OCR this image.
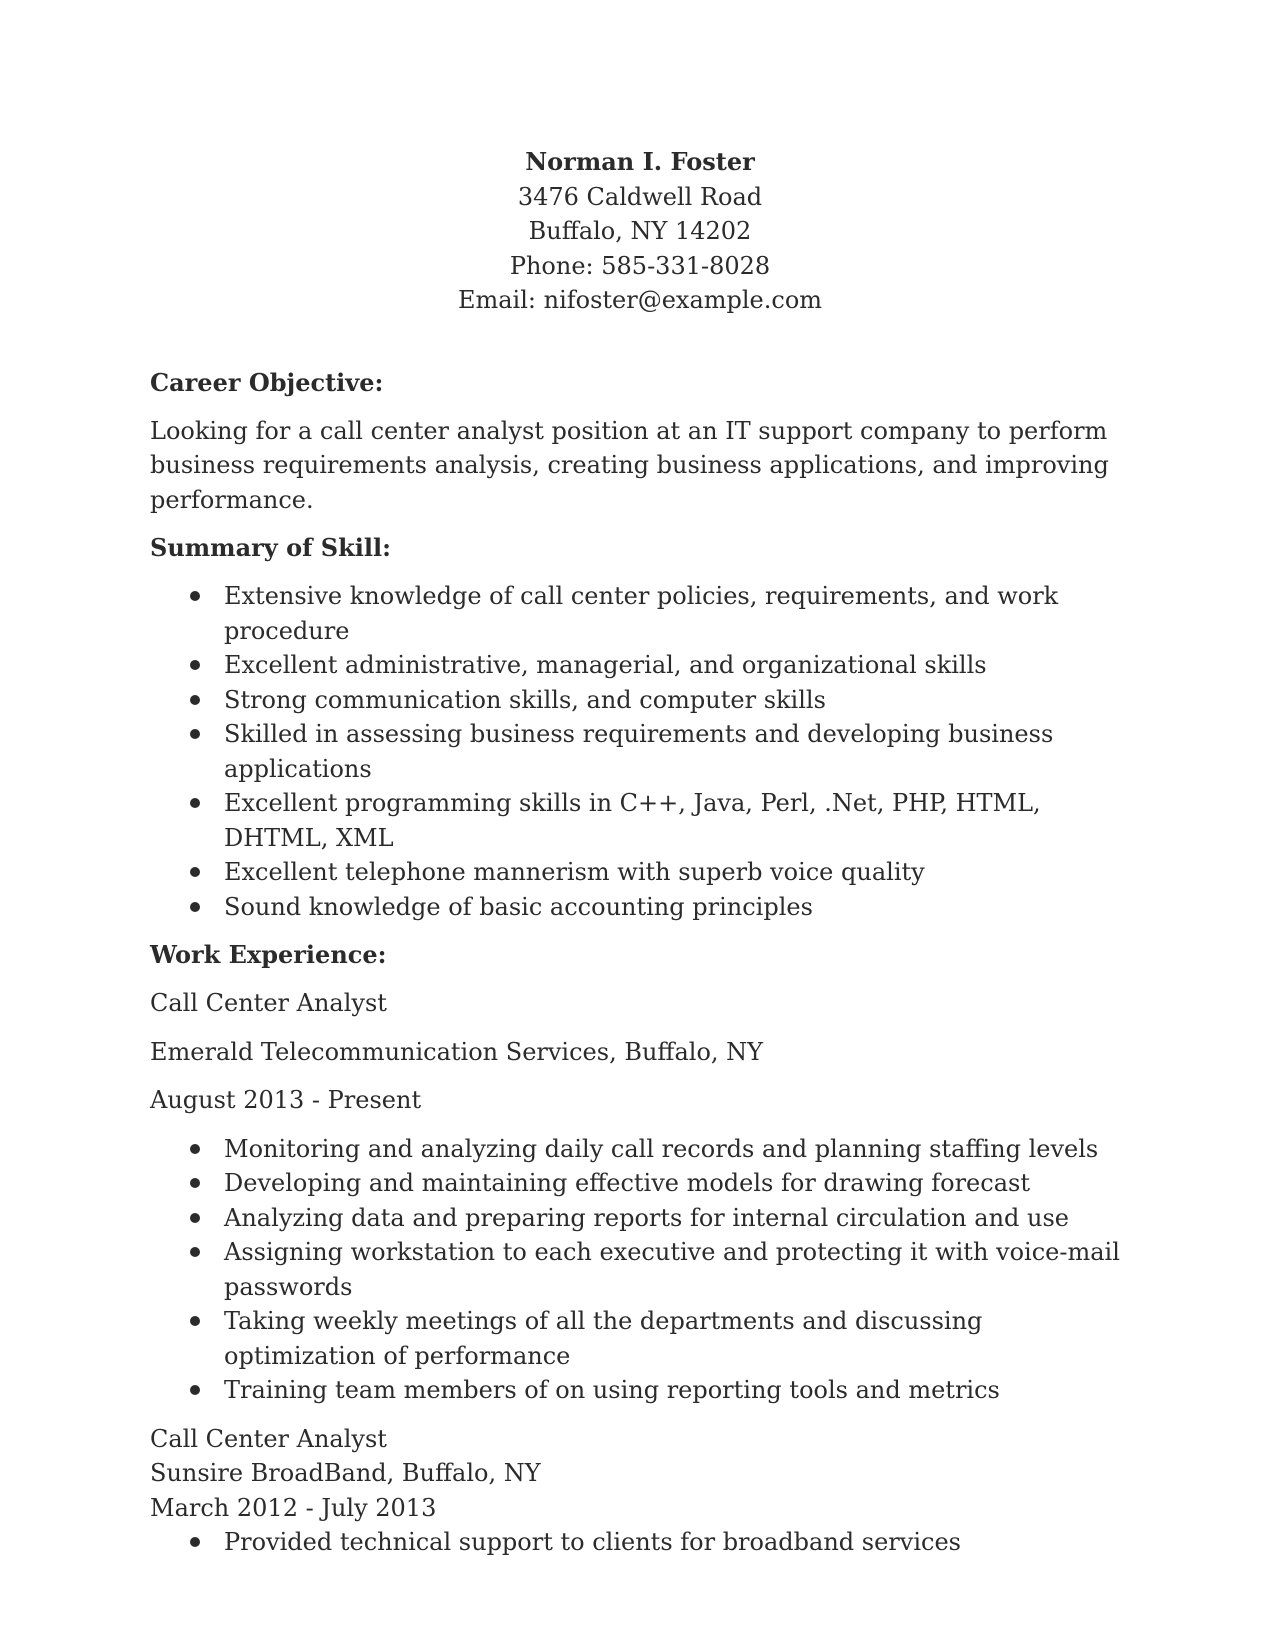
Norman I. Foster
3476 Caldwell Road
Buffalo, NY 14202
Phone: 585-331-8028
Email: nifoster@example.com
Career Objective:
Looking for a call center analyst position at an IT support company to perform business requirements analysis, creating business applications, and improving performance.
Summary of Skill:
Extensive knowledge of call center policies, requirements, and work procedure
Excellent administrative, managerial, and organizational skills
Strong communication skills, and computer skills
Skilled in assessing business requirements and developing business applications
Excellent programming skills in C++, Java, Perl, .Net, PHP, HTML, DHTML, XML
Excellent telephone mannerism with superb voice quality
Sound knowledge of basic accounting principles
Work Experience:
Call Center Analyst
Emerald Telecommunication Services, Buffalo, NY
August 2013 - Present
Monitoring and analyzing daily call records and planning staffing levels
Developing and maintaining effective models for drawing forecast
Analyzing data and preparing reports for internal circulation and use
Assigning workstation to each executive and protecting it with voice-mail passwords
Taking weekly meetings of all the departments and discussing optimization of performance
Training team members of on using reporting tools and metrics
Call Center Analyst
Sunsire BroadBand, Buffalo, NY
March 2012 - July 2013
Provided technical support to clients for broadband services
